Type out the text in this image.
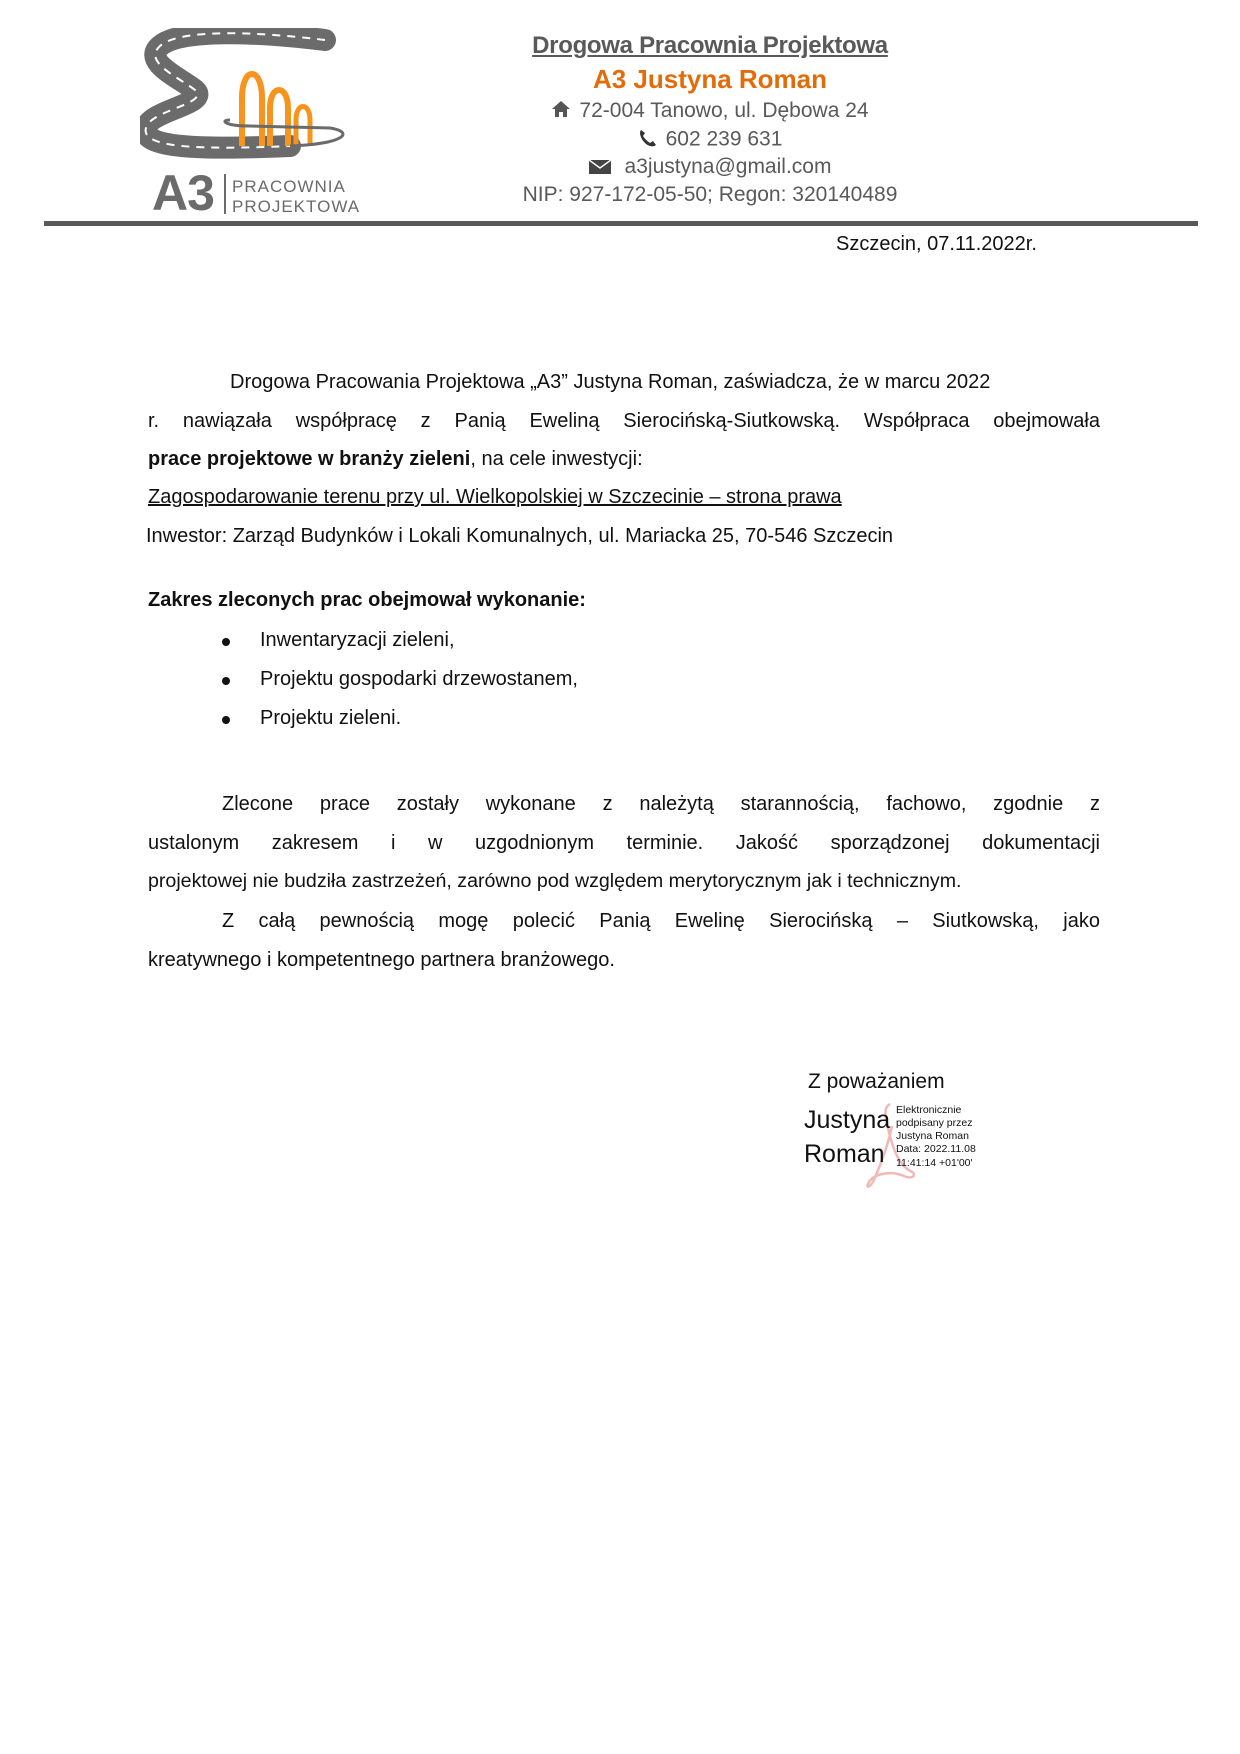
A3 PRACOWNIA
PROJEKTOWA
Drogowa Pracownia Projektowa
A3 Justyna Roman
72-004 Tanowo, ul. Dębowa 24
602 239 631
a3justyna@gmail.com
NIP: 927-172-05-50; Regon: 320140489
Szczecin, 07.11.2022r.
Drogowa Pracowania Projektowa „A3” Justyna Roman, zaświadcza, że w marcu 2022
r. nawiązała współpracę z Panią Eweliną Sierocińską-Siutkowską. Współpraca obejmowała
prace projektowe w branży zieleni, na cele inwestycji:
Zagospodarowanie terenu przy ul. Wielkopolskiej w Szczecinie – strona prawa
Inwestor: Zarząd Budynków i Lokali Komunalnych, ul. Mariacka 25, 70-546 Szczecin
Zakres zleconych prac obejmował wykonanie:
Inwentaryzacji zieleni,
Projektu gospodarki drzewostanem,
Projektu zieleni.
Zlecone prace zostały wykonane z należytą starannością, fachowo, zgodnie z
ustalonym zakresem i w uzgodnionym terminie. Jakość sporządzonej dokumentacji
projektowej nie budziła zastrzeżeń, zarówno pod względem merytorycznym jak i technicznym.
Z całą pewnością mogę polecić Panią Ewelinę Sierocińską – Siutkowską, jako
kreatywnego i kompetentnego partnera branżowego.
Z poważaniem
Justyna
Roman
Elektronicznie
podpisany przez
Justyna Roman
Data: 2022.11.08
11:41:14 +01'00'
